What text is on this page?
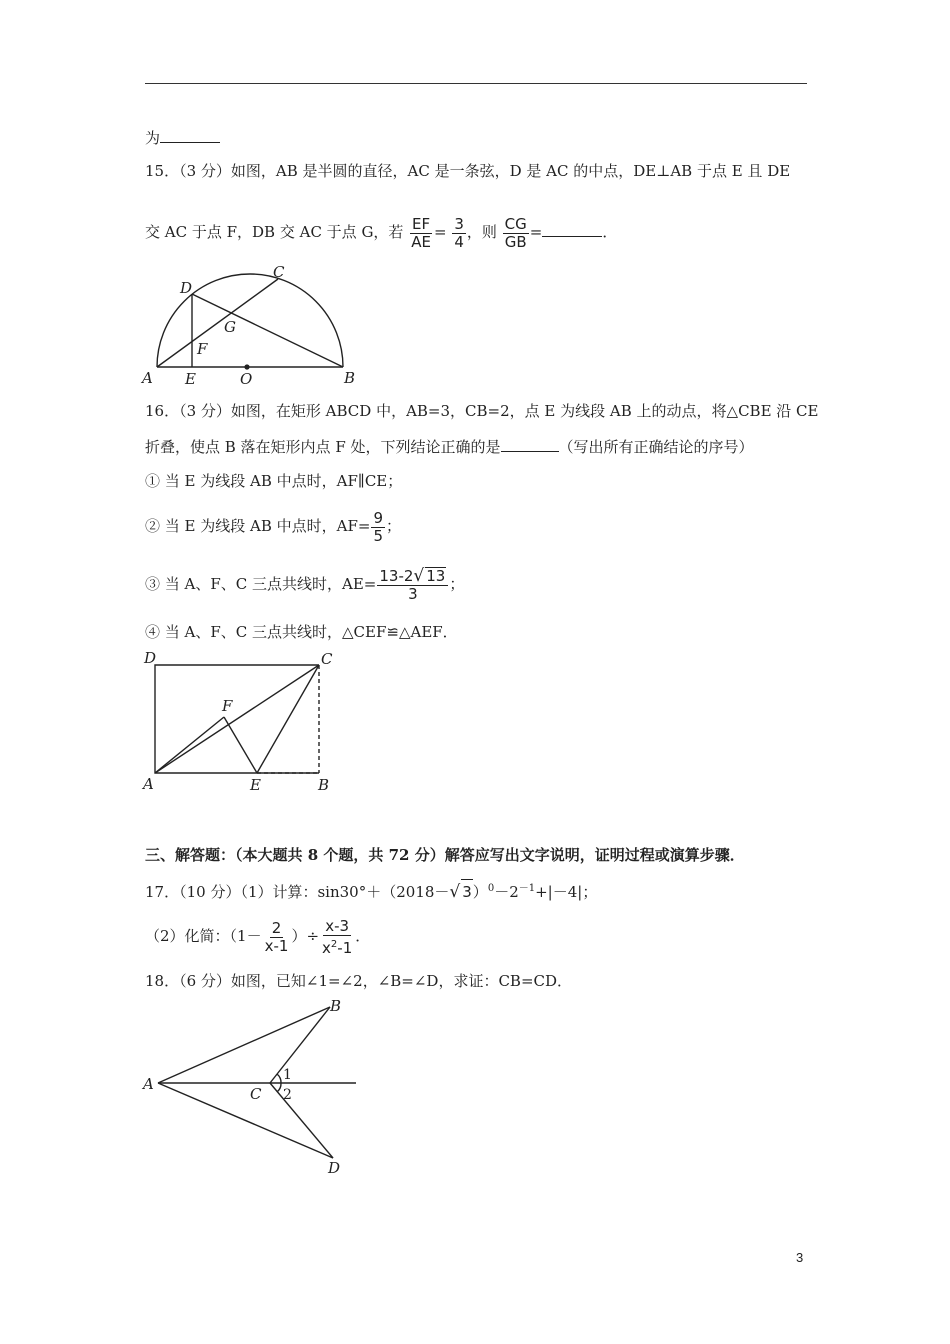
为
15．（3 分）如图，AB 是半圆的直径，AC 是一条弦，D 是 AC 的中点，DE⊥AB 于点 E 且 DE
交 AC 于点 F，DB 交 AC 于点 G，若 $\frac{EF}{AE} = \frac{3}{4}$ ，则 $\frac{CG}{GB}$ =	．
A E	O	B
D
C
F
G
16．（3 分）如图，在矩形 ABCD 中，AB=3，CB=2，点 E 为线段 AB 上的动点，将△CBE 沿 CE
折叠，使点 B 落在矩形内点 F 处，下列结论正确的是	（写出所有正确结论的序号）
① 当 E 为线段 AB 中点时，AF∥CE；
② 当 E 为线段 AB 中点时，$AF= \frac{9}{5}$ ；
③ 当 A、F、C 三点共线时，$AE= \frac{13-2√ 13}{3}$ ；
④ 当 A、F、C 三点共线时，△CEF≌△AEF．
D	C
F
A	E	B
三、解答题：（本大题共 8 个题，共 72 分）解答应写出文字说明，证明过程或演算步骤．
17．（10 分）（1）计算：sin30°＋（2018－√ $3)^0-2^{-1}+|-4|$；
（2）化简：（$1- \frac{2}{x-1}$ ）÷ $\frac{x-3}{x^2-1}$ ．
18．（6 分）如图，已知∠1=∠2，∠B=∠D，求证：CB=CD．
A
B
C
D
1
2
3
